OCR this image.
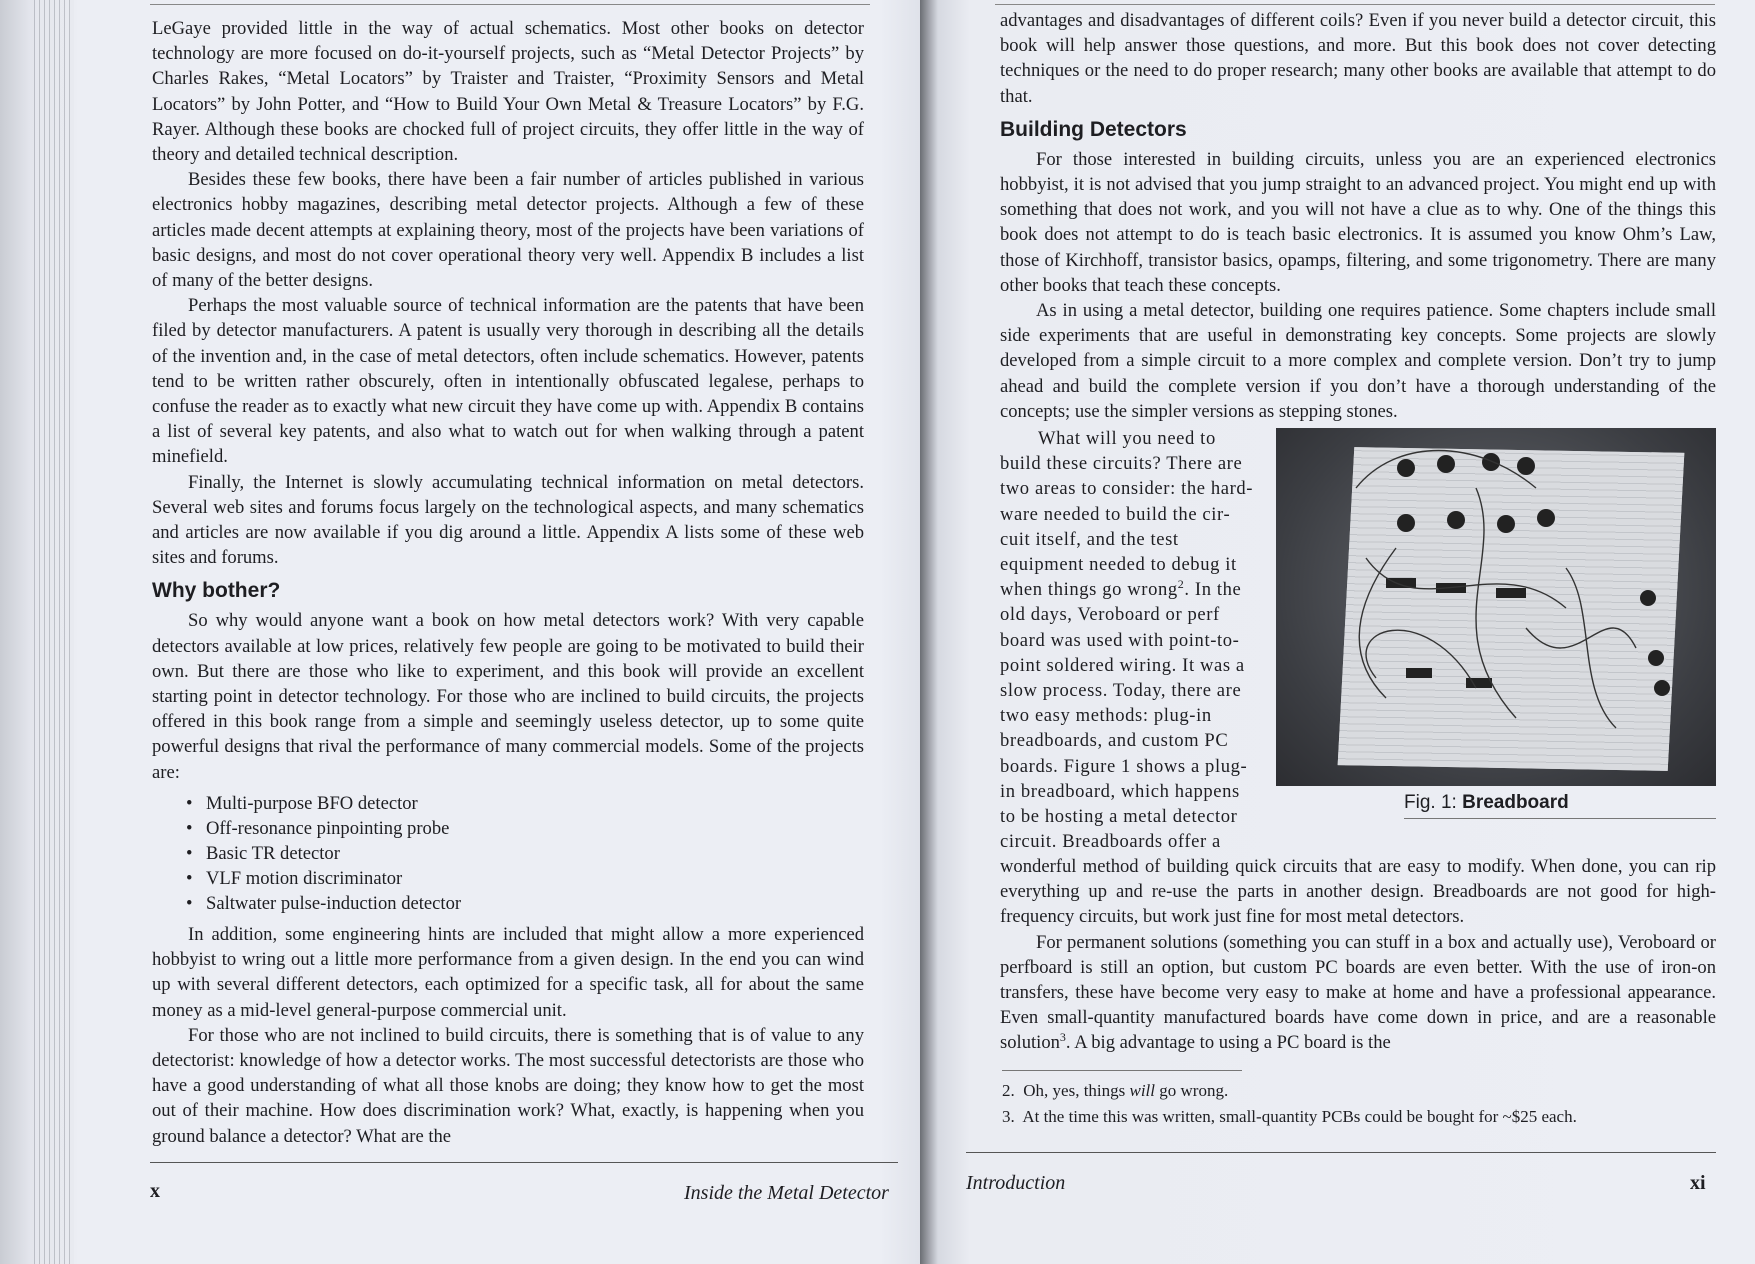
LeGaye provided little in the way of actual schematics. Most other books on detector technology are more focused on do-it-yourself projects, such as “Metal Detector Projects” by Charles Rakes, “Metal Locators” by Traister and Traister, “Proximity Sensors and Metal Locators” by John Potter, and “How to Build Your Own Metal & Treasure Locators” by F.G. Rayer. Although these books are chocked full of project circuits, they offer little in the way of theory and detailed technical description.

Besides these few books, there have been a fair number of articles published in various electronics hobby magazines, describing metal detector projects. Although a few of these articles made decent attempts at explaining theory, most of the projects have been variations of basic designs, and most do not cover operational theory very well. Appendix B includes a list of many of the better designs.

Perhaps the most valuable source of technical information are the patents that have been filed by detector manufacturers. A patent is usually very thorough in describing all the details of the invention and, in the case of metal detectors, often include schematics. However, patents tend to be written rather obscurely, often in intentionally obfuscated legalese, perhaps to confuse the reader as to exactly what new circuit they have come up with. Appendix B contains a list of several key patents, and also what to watch out for when walking through a patent minefield.

Finally, the Internet is slowly accumulating technical information on metal detectors. Several web sites and forums focus largely on the technological aspects, and many schematics and articles are now available if you dig around a little. Appendix A lists some of these web sites and forums.

Why bother?

So why would anyone want a book on how metal detectors work? With very capable detectors available at low prices, relatively few people are going to be motivated to build their own. But there are those who like to experiment, and this book will provide an excellent starting point in detector technology. For those who are inclined to build circuits, the projects offered in this book range from a simple and seemingly useless detector, up to some quite powerful designs that rival the performance of many commercial models. Some of the projects are:

• Multi-purpose BFO detector
• Off-resonance pinpointing probe
• Basic TR detector
• VLF motion discriminator
• Saltwater pulse-induction detector

In addition, some engineering hints are included that might allow a more experienced hobbyist to wring out a little more performance from a given design. In the end you can wind up with several different detectors, each optimized for a specific task, all for about the same money as a mid-level general-purpose commercial unit.

For those who are not inclined to build circuits, there is something that is of value to any detectorist: knowledge of how a detector works. The most successful detectorists are those who have a good understanding of what all those knobs are doing; they know how to get the most out of their machine. How does discrimination work? What, exactly, is happening when you ground balance a detector? What are the

x	Inside the Metal Detector

advantages and disadvantages of different coils? Even if you never build a detector circuit, this book will help answer those questions, and more. But this book does not cover detecting techniques or the need to do proper research; many other books are available that attempt to do that.

Building Detectors

For those interested in building circuits, unless you are an experienced electronics hobbyist, it is not advised that you jump straight to an advanced project. You might end up with something that does not work, and you will not have a clue as to why. One of the things this book does not attempt to do is teach basic electronics. It is assumed you know Ohm’s Law, those of Kirchhoff, transistor basics, opamps, filtering, and some trigonometry. There are many other books that teach these concepts.

As in using a metal detector, building one requires patience. Some chapters include small side experiments that are useful in demonstrating key concepts. Some projects are slowly developed from a simple circuit to a more complex and complete version. Don’t try to jump ahead and build the complete version if you don’t have a thorough understanding of the concepts; use the simpler versions as stepping stones.

What will you need to
build these circuits? There are
two areas to consider: the hard-
ware needed to build the cir-
cuit itself, and the test
equipment needed to debug it
when things go wrong$^2$. In the
old days, Veroboard or perf
board was used with point-to-
point soldered wiring. It was a
slow process. Today, there are
two easy methods: plug-in
breadboards, and custom PC
boards. Figure 1 shows a plug-
in breadboard, which happens
to be hosting a metal detector
circuit. Breadboards offer a
Fig. 1: Breadboard

wonderful method of building quick circuits that are easy to modify. When done, you can rip everything up and re-use the parts in another design. Breadboards are not good for high-frequency circuits, but work just fine for most metal detectors.

For permanent solutions (something you can stuff in a box and actually use), Veroboard or perfboard is still an option, but custom PC boards are even better. With the use of iron-on transfers, these have become very easy to make at home and have a professional appearance. Even small-quantity manufactured boards have come down in price, and are a reasonable solution$^3$. A big advantage to using a PC board is the

2. Oh, yes, things will go wrong.

3. At the time this was written, small-quantity PCBs could be bought for ~$25 each.

Introduction	xi
